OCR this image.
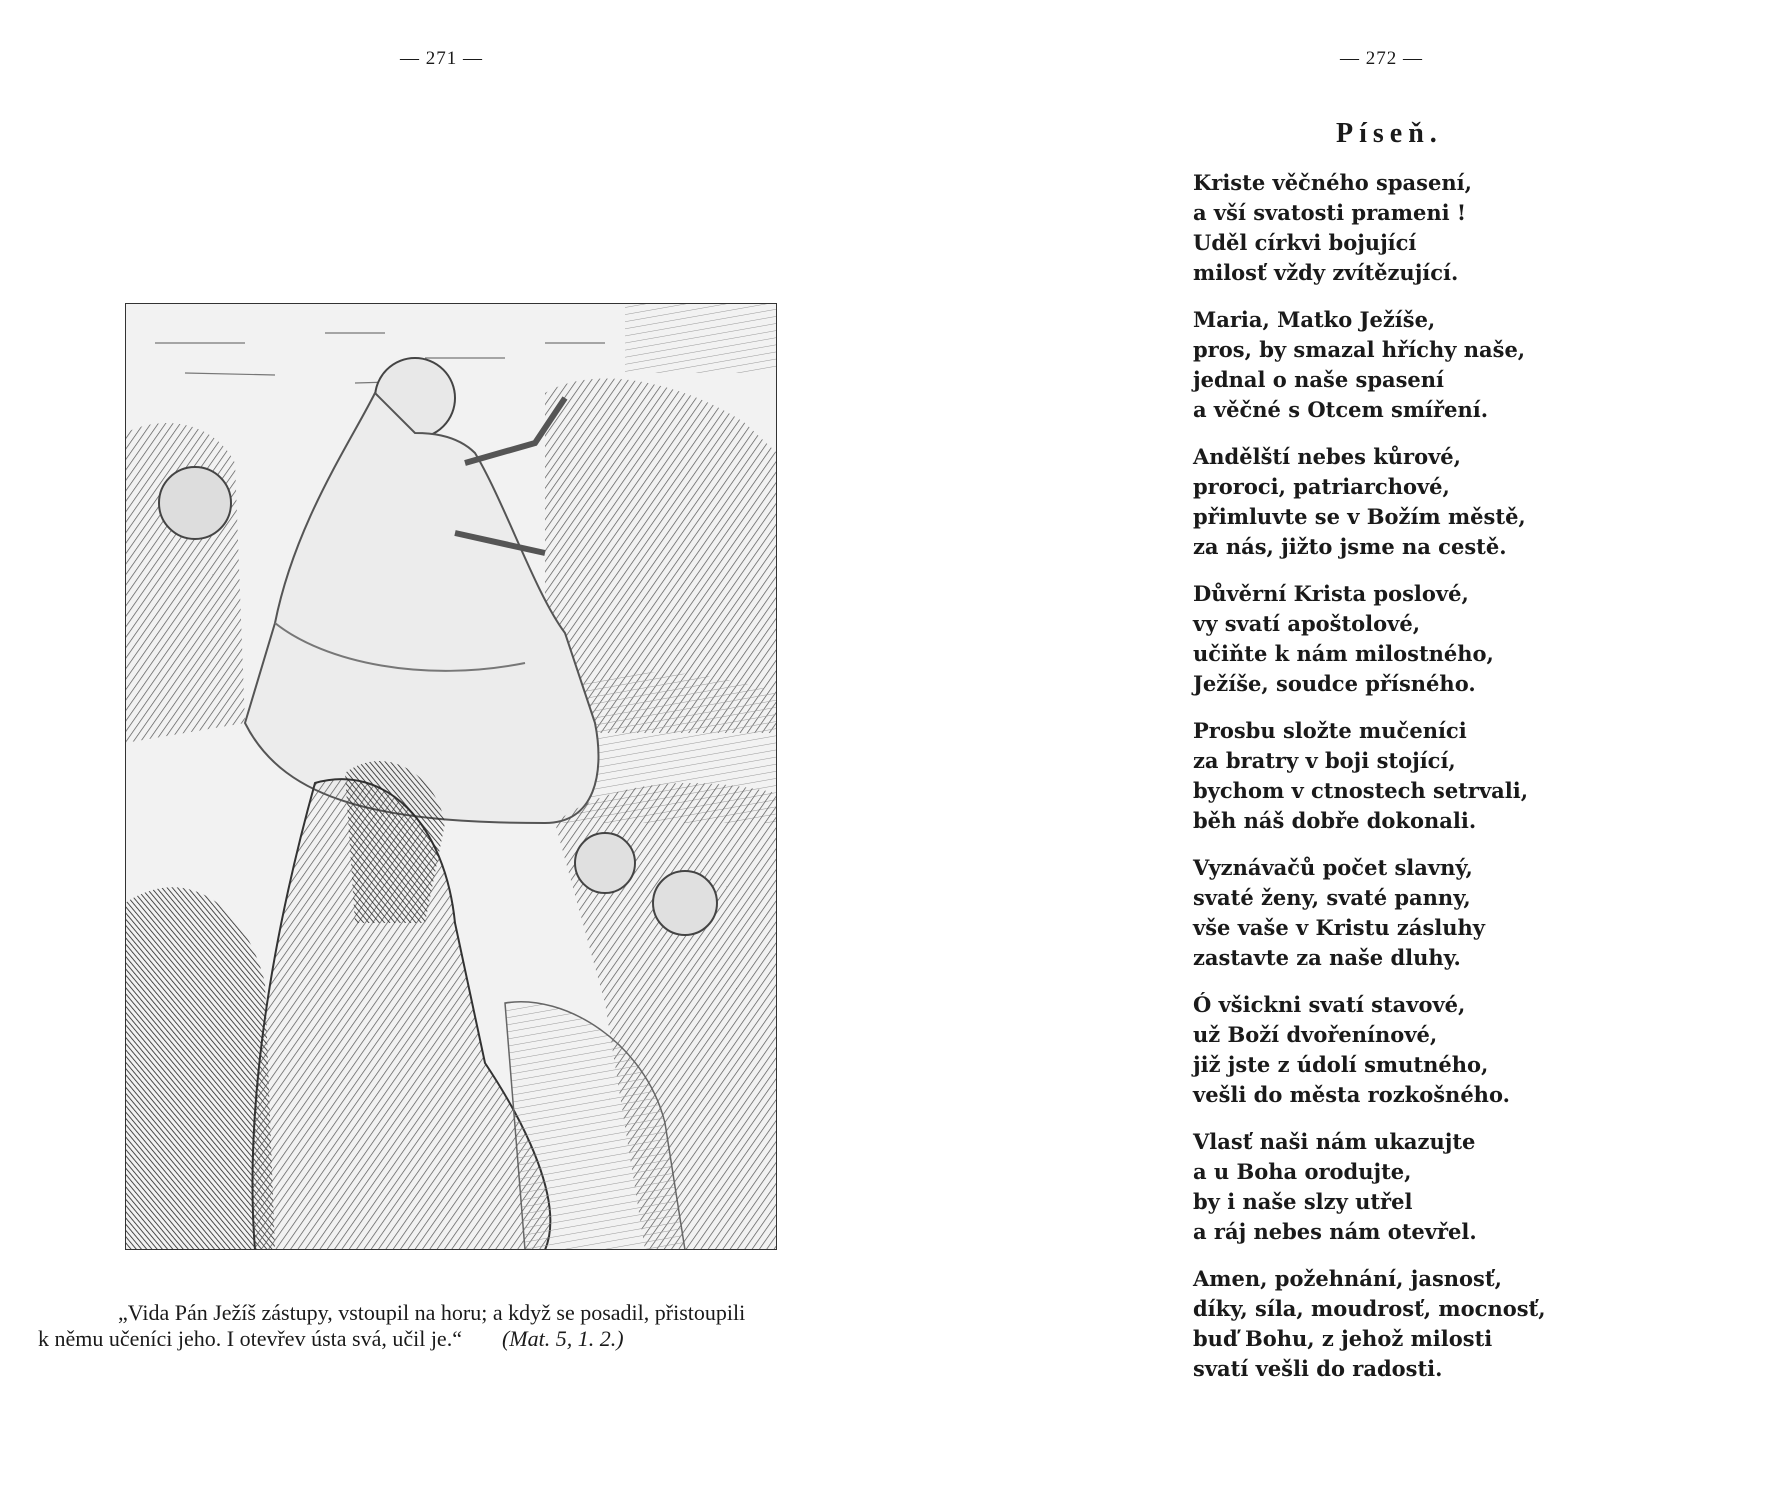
— 271 —
„Vida Pán Ježíš zástupy, vstoupil na horu; a když se posadil, přistoupili
k němu učeníci jeho. I otevřev ústa svá, učil je.“ (Mat. 5, 1. 2.)
— 272 —
Píseň.
Kriste věčného spasení,
a vší svatosti prameni !
Uděl církvi bojující
milosť vždy zvítězující.
Maria, Matko Ježíše,
pros, by smazal hříchy naše,
jednal o naše spasení
a věčné s Otcem smíření.
Andělští nebes kůrové,
proroci, patriarchové,
přimluvte se v Božím městě,
za nás, jižto jsme na cestě.
Důvěrní Krista poslové,
vy svatí apoštolové,
učiňte k nám milostného,
Ježíše, soudce přísného.
Prosbu složte mučeníci
za bratry v boji stojící,
bychom v ctnostech setrvali,
běh náš dobře dokonali.
Vyznávačů počet slavný,
svaté ženy, svaté panny,
vše vaše v Kristu zásluhy
zastavte za naše dluhy.
Ó všickni svatí stavové,
už Boží dvořenínové,
již jste z údolí smutného,
vešli do města rozkošného.
Vlasť naši nám ukazujte
a u Boha orodujte,
by i naše slzy utřel
a ráj nebes nám otevřel.
Amen, požehnání, jasnosť,
díky, síla, moudrosť, mocnosť,
buď Bohu, z jehož milosti
svatí vešli do radosti.
